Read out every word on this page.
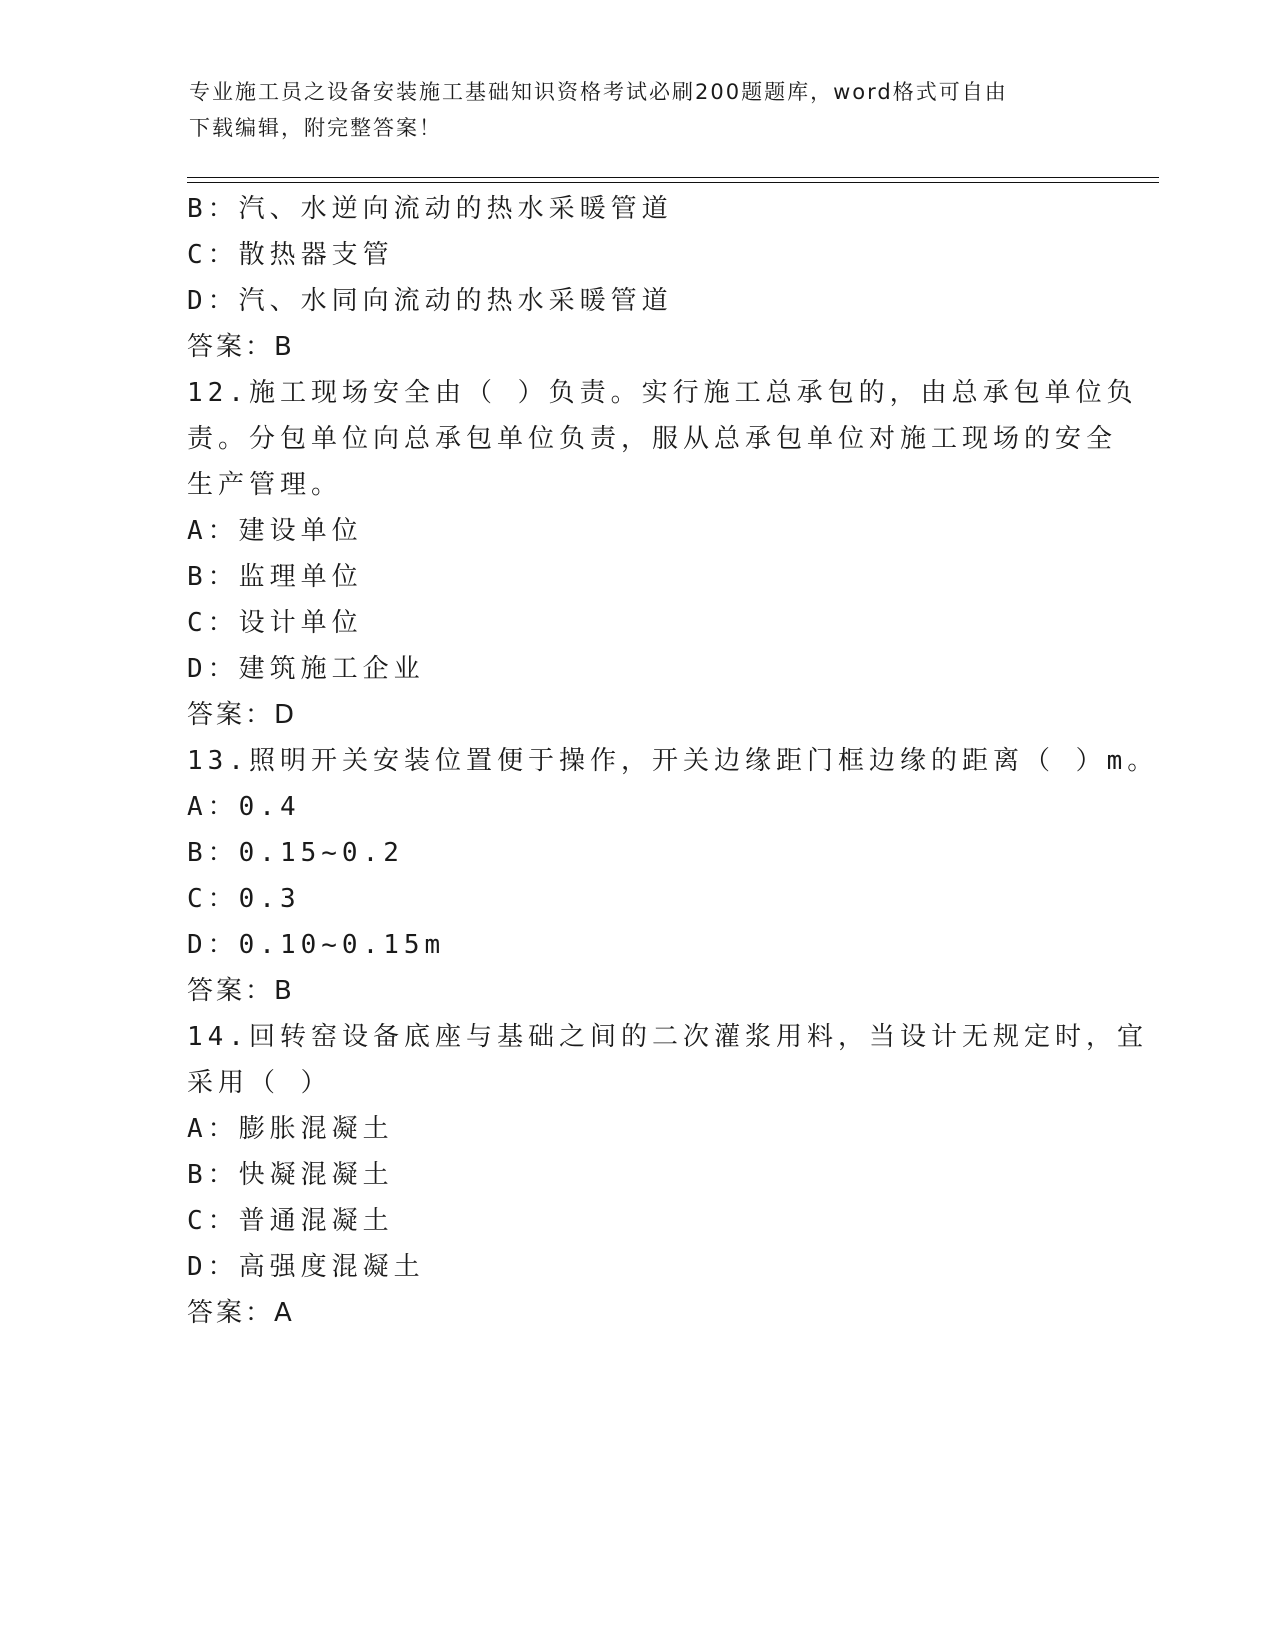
专业施工员之设备安装施工基础知识资格考试必刷200题题库，word格式可自由
下载编辑，附完整答案！
B：汽、水逆向流动的热水采暖管道
C：散热器支管
D：汽、水同向流动的热水采暖管道
答案：B
12.施工现场安全由（ ）负责。实行施工总承包的，由总承包单位负
责。分包单位向总承包单位负责，服从总承包单位对施工现场的安全
生产管理。
A：建设单位
B：监理单位
C：设计单位
D：建筑施工企业
答案：D
13.照明开关安装位置便于操作，开关边缘距门框边缘的距离（ ）m。
A：0.4
B：0.15~0.2
C：0.3
D：0.10~0.15m
答案：B
14.回转窑设备底座与基础之间的二次灌浆用料，当设计无规定时，宜
采用（ ）
A：膨胀混凝土
B：快凝混凝土
C：普通混凝土
D：高强度混凝土
答案：A
